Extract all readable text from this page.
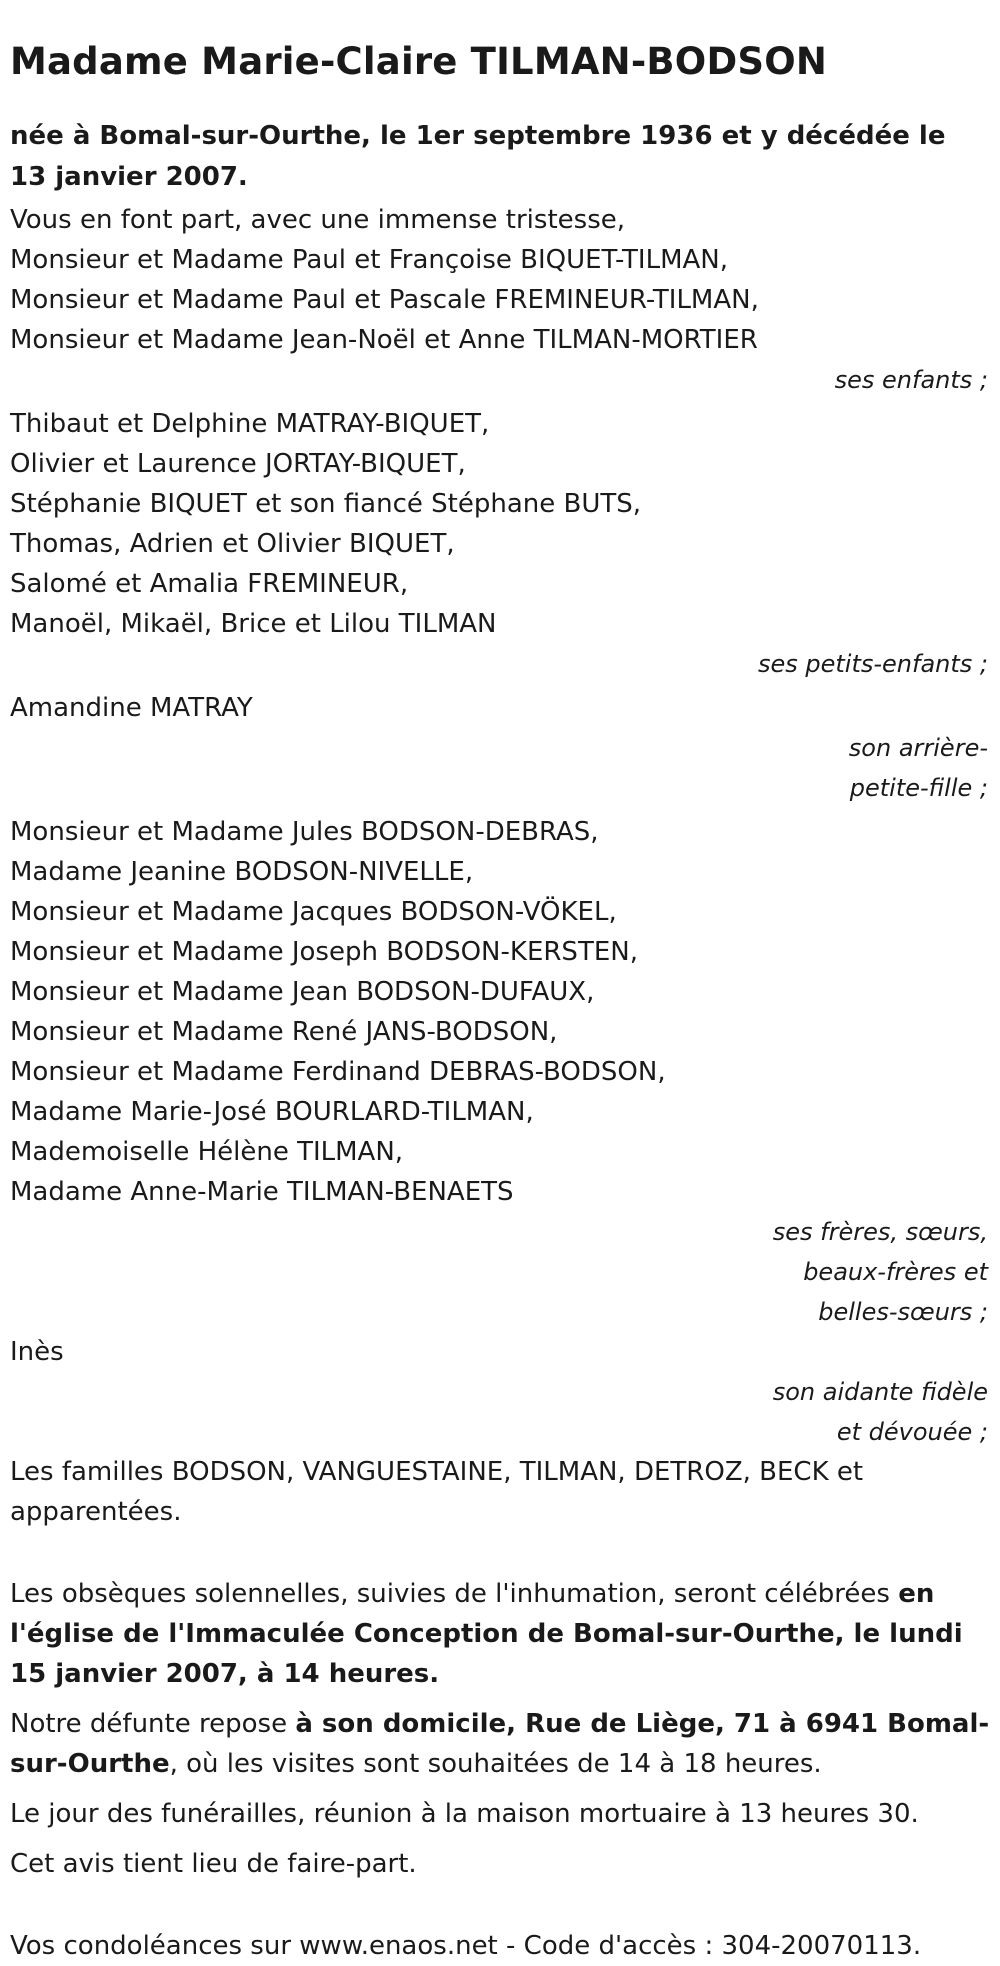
Madame Marie-Claire TILMAN-BODSON

née à Bomal-sur-Ourthe, le 1er septembre 1936 et y décédée le 13 janvier 2007.

Vous en font part, avec une immense tristesse,
Monsieur et Madame Paul et Françoise BIQUET-TILMAN,
Monsieur et Madame Paul et Pascale FREMINEUR-TILMAN,
Monsieur et Madame Jean-Noël et Anne TILMAN-MORTIER
ses enfants ;
Thibaut et Delphine MATRAY-BIQUET,
Olivier et Laurence JORTAY-BIQUET,
Stéphanie BIQUET et son fiancé Stéphane BUTS,
Thomas, Adrien et Olivier BIQUET,
Salomé et Amalia FREMINEUR,
Manoël, Mikaël, Brice et Lilou TILMAN
ses petits-enfants ;
Amandine MATRAY
son arrière-
petite-fille ;
Monsieur et Madame Jules BODSON-DEBRAS,
Madame Jeanine BODSON-NIVELLE,
Monsieur et Madame Jacques BODSON-VÖKEL,
Monsieur et Madame Joseph BODSON-KERSTEN,
Monsieur et Madame Jean BODSON-DUFAUX,
Monsieur et Madame René JANS-BODSON,
Monsieur et Madame Ferdinand DEBRAS-BODSON,
Madame Marie-José BOURLARD-TILMAN,
Mademoiselle Hélène TILMAN,
Madame Anne-Marie TILMAN-BENAETS
ses frères, sœurs,
beaux-frères et
belles-sœurs ;
Inès
son aidante fidèle
et dévouée ;

Les familles BODSON, VANGUESTAINE, TILMAN, DETROZ, BECK et apparentées.

Les obsèques solennelles, suivies de l'inhumation, seront célébrées en l'église de l'Immaculée Conception de Bomal-sur-Ourthe, le lundi 15 janvier 2007, à 14 heures.

Notre défunte repose à son domicile, Rue de Liège, 71 à 6941 Bomal-sur-Ourthe, où les visites sont souhaitées de 14 à 18 heures.

Le jour des funérailles, réunion à la maison mortuaire à 13 heures 30.

Cet avis tient lieu de faire-part.

Vos condoléances sur www.enaos.net - Code d'accès : 304-20070113.
